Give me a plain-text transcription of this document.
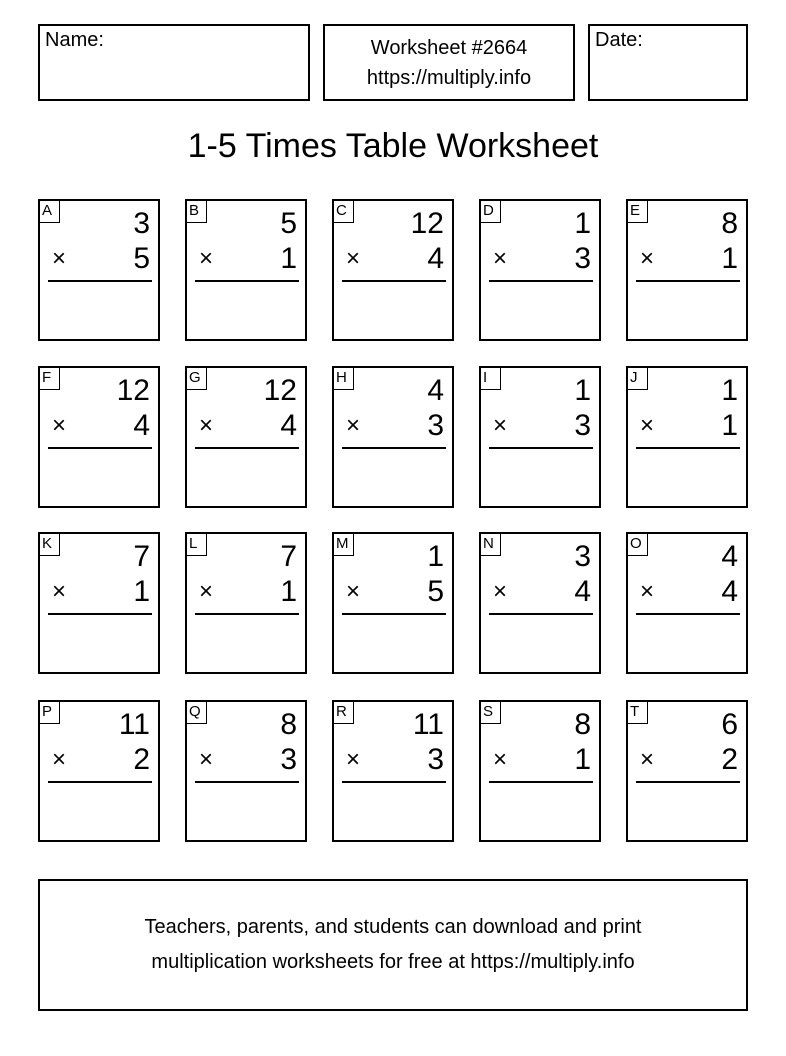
Name:	Worksheet #2664
https://multiply.info
Date:
1-5 Times Table Worksheet
A	3
× 5
B	5
× 1
C 12
× 4
D	1
× 3
E	8
× 1
F 12
× 4
G 12
× 4
H	4
× 3
I	1
× 3
J	1
× 1
K	7
× 1
L	7
× 1
M	1
× 5
N	3
× 4
O	4
× 4
P 11
× 2
Q	8
× 3
R 11
× 3
S	8
× 1
T	6
× 2
Teachers, parents, and students can download and print
multiplication worksheets for free at https://multiply.info
